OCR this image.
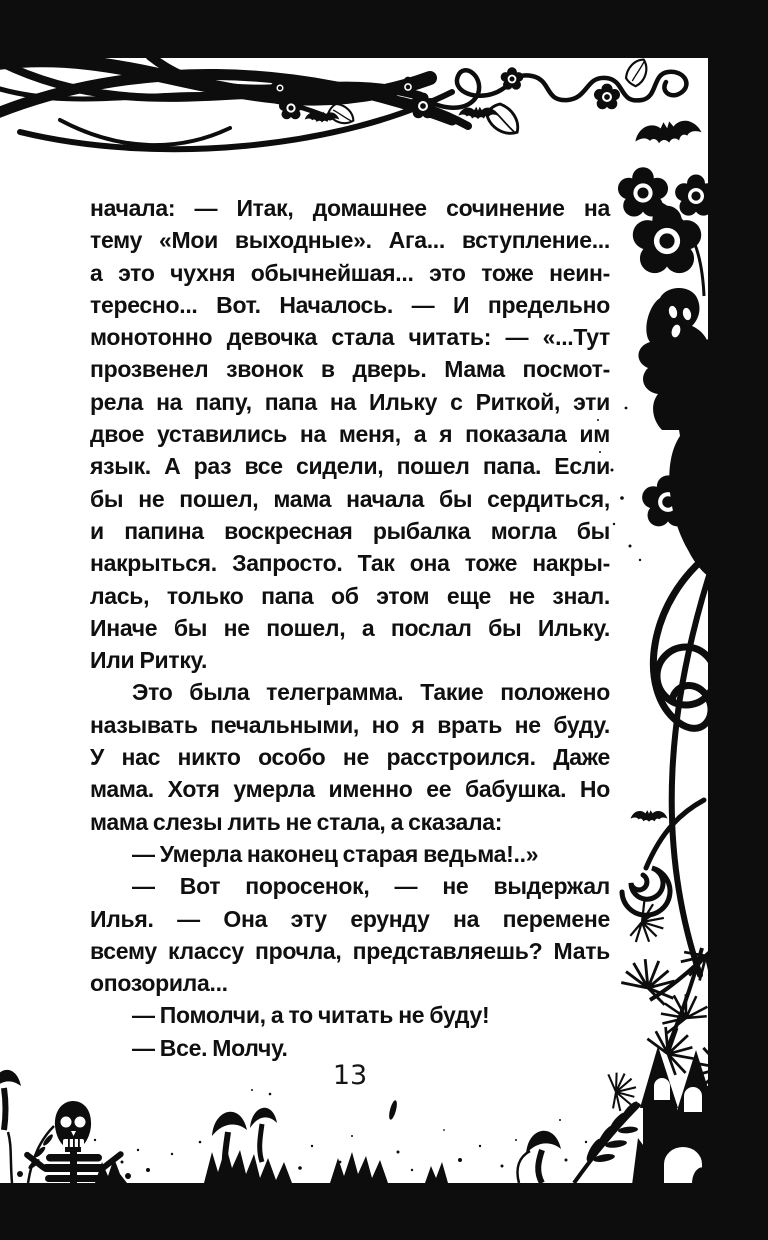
начала: — Итак, домашнее сочинение на
тему «Мои выходные». Ага... вступление...
а это чухня обычнейшая... это тоже неин-
тересно... Вот. Началось. — И предельно
монотонно девочка стала читать: — «...Тут
прозвенел звонок в дверь. Мама посмот-
рела на папу, папа на Ильку с Риткой, эти
двое уставились на меня, а я показала им
язык. А раз все сидели, пошел папа. Если
бы не пошел, мама начала бы сердиться,
и папина воскресная рыбалка могла бы
накрыться. Запросто. Так она тоже накры-
лась, только папа об этом еще не знал.
Иначе бы не пошел, а послал бы Ильку.
Или Ритку.
Это была телеграмма. Такие положено
называть печальными, но я врать не буду.
У нас никто особо не расстроился. Даже
мама. Хотя умерла именно ее бабушка. Но
мама слезы лить не стала, а сказала:
— Умерла наконец старая ведьма!..»
— Вот поросенок, — не выдержал
Илья. — Она эту ерунду на перемене
всему классу прочла, представляешь? Мать
опозорила...
— Помолчи, а то читать не буду!
— Все. Молчу.
13
